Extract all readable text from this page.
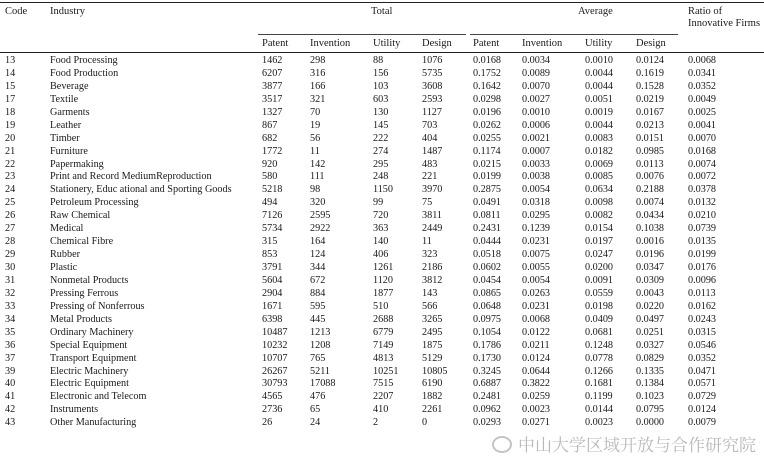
Code Industry	Total	Average	Ratio of
Innovative Firms
Patent Invention Utility Design Patent Invention Utility Design
13	Food Processing	1462	298	88	1076	0.0168 0.0034	0.0010 0.0124 0.0068
14	Food Production	6207	316	156	5735	0.1752 0.0089	0.0044 0.1619 0.0341
15	Beverage	3877	166	103	3608	0.1642 0.0070	0.0044 0.1528 0.0352
17	Textile	3517	321	603	2593	0.0298 0.0027	0.0051 0.0219 0.0049
18	Garments	1327	70	130	1127	0.0196 0.0010	0.0019 0.0167 0.0025
19	Leather	867	19	145	703	0.0262 0.0006	0.0044 0.0213 0.0041
20	Timber	682	56	222	404	0.0255 0.0021	0.0083 0.0151 0.0070
21	Furniture	1772	11	274	1487	0.1174 0.0007	0.0182 0.0985 0.0168
22	Papermaking	920	142	295	483	0.0215 0.0033	0.0069 0.0113 0.0074
23	Print and Record MediumReproduction	580	111	248	221	0.0199 0.0038	0.0085 0.0076 0.0072
24	Stationery, Educ ational and Sporting Goods	5218	98	1150	3970	0.2875 0.0054	0.0634 0.2188 0.0378
25	Petroleum Processing	494	320	99	75	0.0491 0.0318	0.0098 0.0074 0.0132
26	Raw Chemical	7126	2595	720	3811	0.0811 0.0295	0.0082 0.0434 0.0210
27	Medical	5734	2922	363	2449	0.2431 0.1239	0.0154 0.1038 0.0739
28	Chemical Fibre	315	164	140	11	0.0444 0.0231	0.0197 0.0016 0.0135
29	Rubber	853	124	406	323	0.0518 0.0075	0.0247 0.0196 0.0199
30	Plastic	3791	344	1261	2186	0.0602 0.0055	0.0200 0.0347 0.0176
31	Nonmetal Products	5604	672	1120	3812	0.0454 0.0054	0.0091 0.0309 0.0096
32	Pressing Ferrous	2904	884	1877	143	0.0865 0.0263	0.0559 0.0043 0.0113
33	Pressing of Nonferrous	1671	595	510	566	0.0648 0.0231	0.0198 0.0220 0.0162
34	Metal Products	6398	445	2688	3265	0.0975 0.0068	0.0409 0.0497 0.0243
35	Ordinary Machinery	10487 1213	6779	2495	0.1054 0.0122	0.0681 0.0251 0.0315
36	Special Equipment	10232 1208	7149	1875	0.1786 0.0211	0.1248 0.0327 0.0546
37	Transport Equipment	10707 765	4813	5129	0.1730 0.0124	0.0778 0.0829 0.0352
39	Electric Machinery	26267 5211	10251 10805	0.3245 0.0644	0.1266 0.1335 0.0471
40	Electric Equipment	30793 17088	7515	6190	0.6887 0.3822	0.1681 0.1384 0.0571
41	Electronic and Telecom	4565	476	2207	1882	0.2481 0.0259	0.1199 0.1023 0.0729
42	Instruments	2736	65	410	2261	0.0962 0.0023	0.0144 0.0795 0.0124
43	Other Manufacturing	26	24	2	0	0.0293 0.0271	0.0023 0.0000 0.0079
中山大学区域开放与合作研究院
